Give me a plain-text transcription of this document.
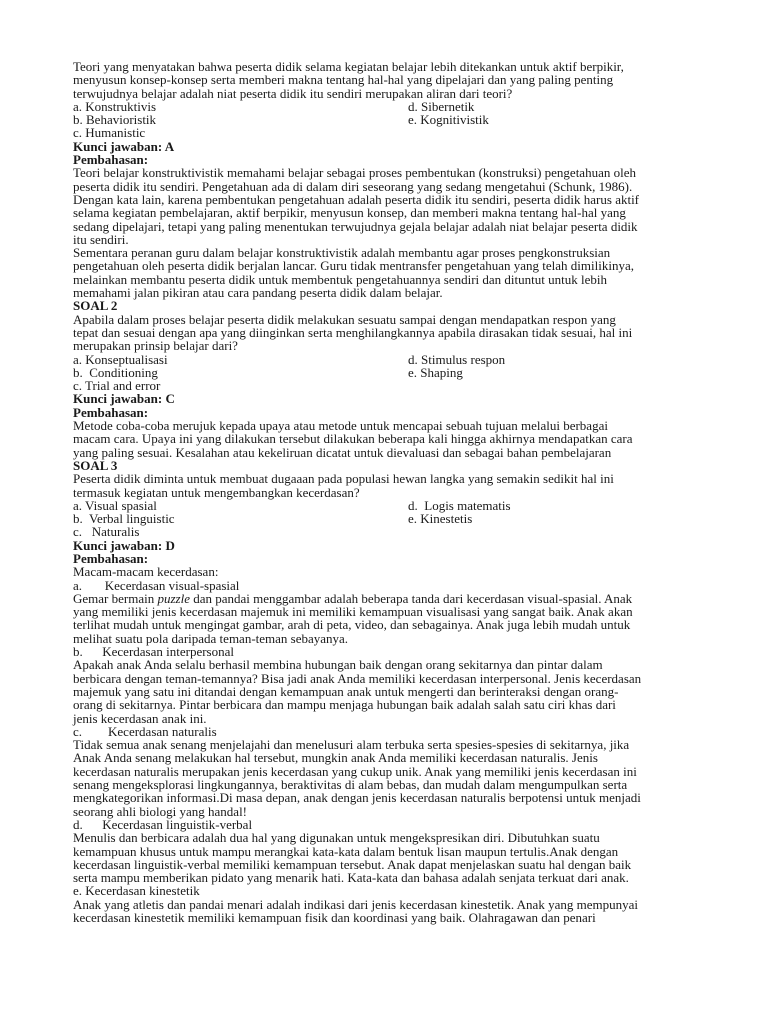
Teori yang menyatakan bahwa peserta didik selama kegiatan belajar lebih ditekankan untuk aktif berpikir,
menyusun konsep-konsep serta memberi makna tentang hal-hal yang dipelajari dan yang paling penting
terwujudnya belajar adalah niat peserta didik itu sendiri merupakan aliran dari teori?
a. Konstruktivis	d. Sibernetik
b. Behavioristik	e. Kognitivistik
c. Humanistic
Kunci jawaban: A
Pembahasan:
Teori belajar konstruktivistik memahami belajar sebagai proses pembentukan (konstruksi) pengetahuan oleh
peserta didik itu sendiri. Pengetahuan ada di dalam diri seseorang yang sedang mengetahui (Schunk, 1986).
Dengan kata lain, karena pembentukan pengetahuan adalah peserta didik itu sendiri, peserta didik harus aktif
selama kegiatan pembelajaran, aktif berpikir, menyusun konsep, dan memberi makna tentang hal-hal yang
sedang dipelajari, tetapi yang paling menentukan terwujudnya gejala belajar adalah niat belajar peserta didik
itu sendiri.
Sementara peranan guru dalam belajar konstruktivistik adalah membantu agar proses pengkonstruksian
pengetahuan oleh peserta didik berjalan lancar. Guru tidak mentransfer pengetahuan yang telah dimilikinya,
melainkan membantu peserta didik untuk membentuk pengetahuannya sendiri dan dituntut untuk lebih
memahami jalan pikiran atau cara pandang peserta didik dalam belajar.
SOAL 2
Apabila dalam proses belajar peserta didik melakukan sesuatu sampai dengan mendapatkan respon yang
tepat dan sesuai dengan apa yang diinginkan serta menghilangkannya apabila dirasakan tidak sesuai, hal ini
merupakan prinsip belajar dari?
a. Konseptualisasi	d. Stimulus respon
b.  Conditioning	e. Shaping
c. Trial and error
Kunci jawaban: C
Pembahasan:
Metode coba-coba merujuk kepada upaya atau metode untuk mencapai sebuah tujuan melalui berbagai
macam cara. Upaya ini yang dilakukan tersebut dilakukan beberapa kali hingga akhirnya mendapatkan cara
yang paling sesuai. Kesalahan atau kekeliruan dicatat untuk dievaluasi dan sebagai bahan pembelajaran
SOAL 3
Peserta didik diminta untuk membuat dugaaan pada populasi hewan langka yang semakin sedikit hal ini
termasuk kegiatan untuk mengembangkan kecerdasan?
a. Visual spasial	d.  Logis matematis
b.  Verbal linguistic	e. Kinestetis
c.   Naturalis
Kunci jawaban: D
Pembahasan:
Macam-macam kecerdasan:
a.       Kecerdasan visual-spasial
Gemar bermain puzzle dan pandai menggambar adalah beberapa tanda dari kecerdasan visual-spasial. Anak
yang memiliki jenis kecerdasan majemuk ini memiliki kemampuan visualisasi yang sangat baik. Anak akan
terlihat mudah untuk mengingat gambar, arah di peta, video, dan sebagainya. Anak juga lebih mudah untuk
melihat suatu pola daripada teman-teman sebayanya.
b.      Kecerdasan interpersonal
Apakah anak Anda selalu berhasil membina hubungan baik dengan orang sekitarnya dan pintar dalam
berbicara dengan teman-temannya? Bisa jadi anak Anda memiliki kecerdasan interpersonal. Jenis kecerdasan
majemuk yang satu ini ditandai dengan kemampuan anak untuk mengerti dan berinteraksi dengan orang-
orang di sekitarnya. Pintar berbicara dan mampu menjaga hubungan baik adalah salah satu ciri khas dari
jenis kecerdasan anak ini.
c.        Kecerdasan naturalis
Tidak semua anak senang menjelajahi dan menelusuri alam terbuka serta spesies-spesies di sekitarnya, jika
Anak Anda senang melakukan hal tersebut, mungkin anak Anda memiliki kecerdasan naturalis. Jenis
kecerdasan naturalis merupakan jenis kecerdasan yang cukup unik. Anak yang memiliki jenis kecerdasan ini
senang mengeksplorasi lingkungannya, beraktivitas di alam bebas, dan mudah dalam mengumpulkan serta
mengkategorikan informasi.Di masa depan, anak dengan jenis kecerdasan naturalis berpotensi untuk menjadi
seorang ahli biologi yang handal!
d.      Kecerdasan linguistik-verbal
Menulis dan berbicara adalah dua hal yang digunakan untuk mengekspresikan diri. Dibutuhkan suatu
kemampuan khusus untuk mampu merangkai kata-kata dalam bentuk lisan maupun tertulis.Anak dengan
kecerdasan linguistik-verbal memiliki kemampuan tersebut. Anak dapat menjelaskan suatu hal dengan baik
serta mampu memberikan pidato yang menarik hati. Kata-kata dan bahasa adalah senjata terkuat dari anak.
e. Kecerdasan kinestetik
Anak yang atletis dan pandai menari adalah indikasi dari jenis kecerdasan kinestetik. Anak yang mempunyai
kecerdasan kinestetik memiliki kemampuan fisik dan koordinasi yang baik. Olahragawan dan penari
